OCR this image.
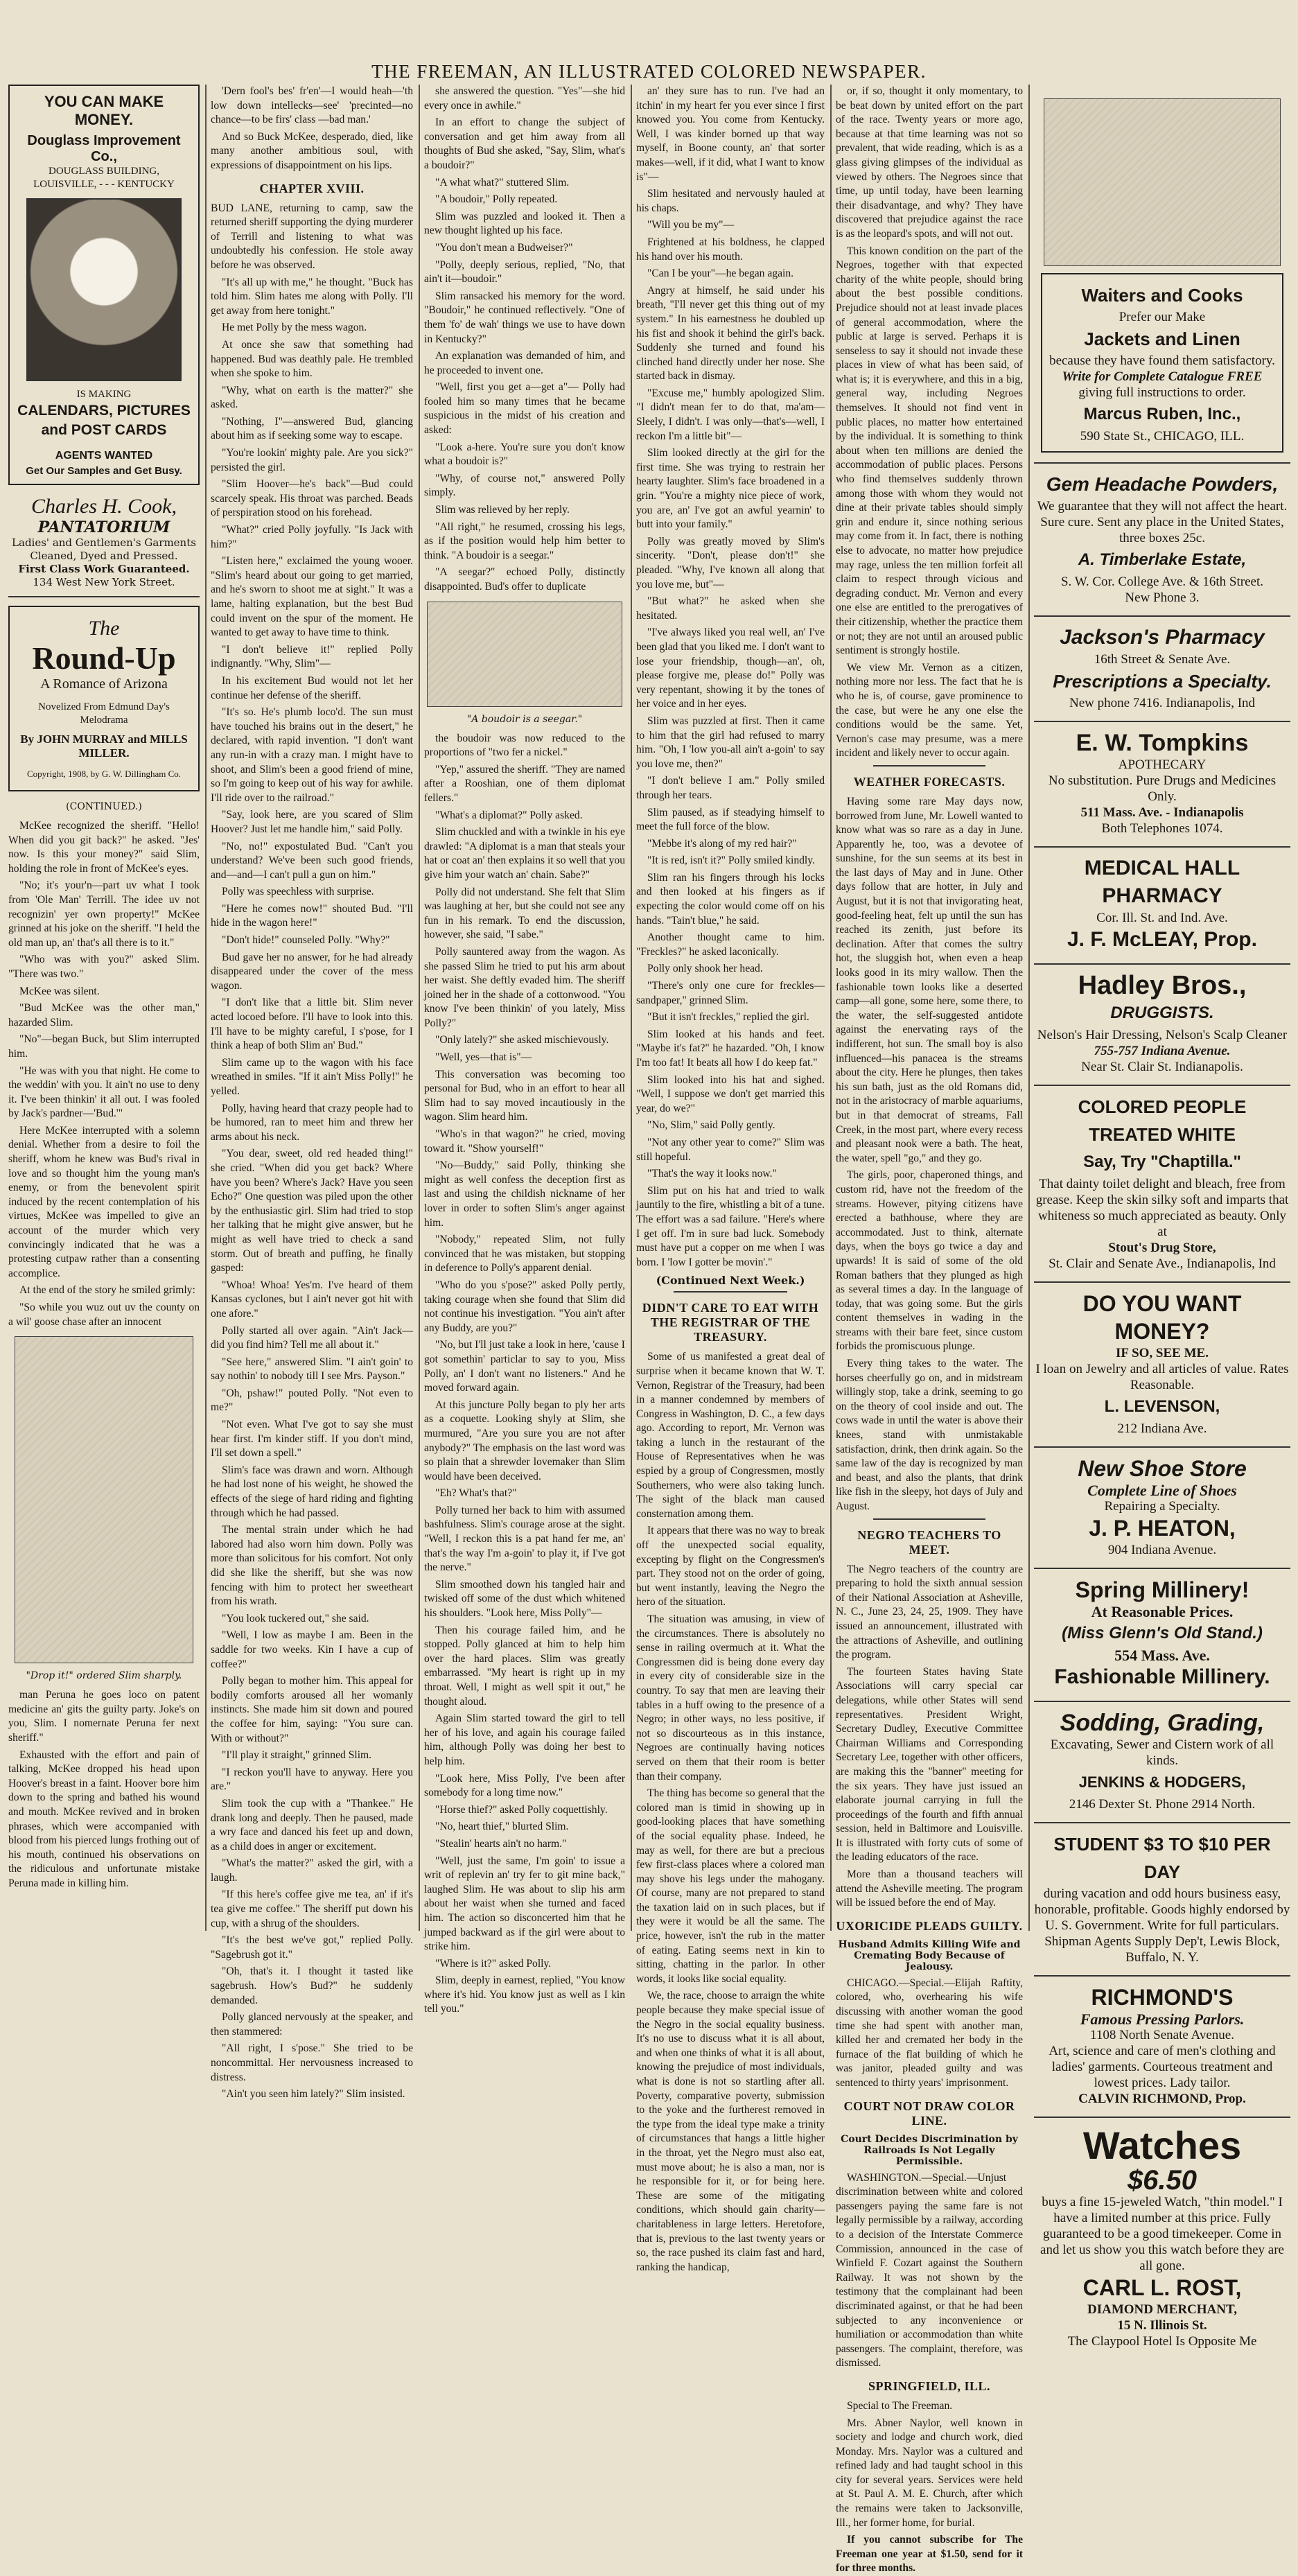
THE FREEMAN, AN ILLUSTRATED COLORED NEWSPAPER.
YOU CAN MAKE MONEY.
Douglass Improvement Co.,
DOUGLASS BUILDING,
LOUISVILLE, - - - KENTUCKY
IS MAKING
CALENDARS, PICTURES and POST CARDS
AGENTS WANTED
Get Our Samples and Get Busy.
Charles H. Cook,
PANTATORIUM
Ladies' and Gentlemen's Garments Cleaned, Dyed and Pressed.
First Class Work Guaranteed.
134 West New York Street.
The
Round-Up
A Romance of Arizona
Novelized From Edmund Day's Melodrama
By JOHN MURRAY and MILLS MILLER.
Copyright, 1908, by G. W. Dillingham Co.
(CONTINUED.)

McKee recognized the sheriff. "Hello! When did you git back?" he asked. "Jes' now. Is this your money?" said Slim, holding the role in front of McKee's eyes.

"No; it's your'n—part uv what I took from 'Ole Man' Terrill. The idee uv not recognizin' yer own property!" McKee grinned at his joke on the sheriff. "I held the old man up, an' that's all there is to it."

"Who was with you?" asked Slim. "There was two."

McKee was silent.

"Bud McKee was the other man," hazarded Slim.

"No"—began Buck, but Slim interrupted him.

"He was with you that night. He come to the weddin' with you. It ain't no use to deny it. I've been thinkin' it all out. I was fooled by Jack's pardner—'Bud.'"

Here McKee interrupted with a solemn denial. Whether from a desire to foil the sheriff, whom he knew was Bud's rival in love and so thought him the young man's enemy, or from the benevolent spirit induced by the recent contemplation of his virtues, McKee was impelled to give an account of the murder which very convincingly indicated that he was a protesting cutpaw rather than a consenting accomplice.

At the end of the story he smiled grimly:

"So while you wuz out uv the county on a wil' goose chase after an innocent

"Drop it!" ordered Slim sharply.

man Peruna he goes loco on patent medicine an' gits the guilty party. Joke's on you, Slim. I nomernate Peruna fer next sheriff."

Exhausted with the effort and pain of talking, McKee dropped his head upon Hoover's breast in a faint. Hoover bore him down to the spring and bathed his wound and mouth. McKee revived and in broken phrases, which were accompanied with blood from his pierced lungs frothing out of his mouth, continued his observations on the ridiculous and unfortunate mistake Peruna made in killing him.

'Dern fool's bes' fr'en'—I would heah—'th low down intellecks—see' 'precinted—no chance—to be firs' class —bad man.'

And so Buck McKee, desperado, died, like many another ambitious soul, with expressions of disappointment on his lips.

CHAPTER XVIII.

BUD LANE, returning to camp, saw the returned sheriff supporting the dying murderer of Terrill and listening to what was undoubtedly his confession. He stole away before he was observed.

"It's all up with me," he thought. "Buck has told him. Slim hates me along with Polly. I'll get away from here tonight."

He met Polly by the mess wagon.

At once she saw that something had happened. Bud was deathly pale. He trembled when she spoke to him.

"Why, what on earth is the matter?" she asked.

"Nothing, I"—answered Bud, glancing about him as if seeking some way to escape.

"You're lookin' mighty pale. Are you sick?" persisted the girl.

"Slim Hoover—he's back"—Bud could scarcely speak. His throat was parched. Beads of perspiration stood on his forehead.

"What?" cried Polly joyfully. "Is Jack with him?"

"Listen here," exclaimed the young wooer. "Slim's heard about our going to get married, and he's sworn to shoot me at sight." It was a lame, halting explanation, but the best Bud could invent on the spur of the moment. He wanted to get away to have time to think.

"I don't believe it!" replied Polly indignantly. "Why, Slim"—

In his excitement Bud would not let her continue her defense of the sheriff.

"It's so. He's plumb loco'd. The sun must have touched his brains out in the desert," he declared, with rapid invention. "I don't want any run-in with a crazy man. I might have to shoot, and Slim's been a good friend of mine, so I'm going to keep out of his way for awhile. I'll ride over to the railroad."

"Say, look here, are you scared of Slim Hoover? Just let me handle him," said Polly.

"No, no!" expostulated Bud. "Can't you understand? We've been such good friends, and—and—I can't pull a gun on him."

Polly was speechless with surprise.

"Here he comes now!" shouted Bud. "I'll hide in the wagon here!"

"Don't hide!" counseled Polly. "Why?"

Bud gave her no answer, for he had already disappeared under the cover of the mess wagon.

"I don't like that a little bit. Slim never acted locoed before. I'll have to look into this. I'll have to be mighty careful, I s'pose, for I think a heap of both Slim an' Bud."

Slim came up to the wagon with his face wreathed in smiles. "If it ain't Miss Polly!" he yelled.

Polly, having heard that crazy people had to be humored, ran to meet him and threw her arms about his neck.

"You dear, sweet, old red headed thing!" she cried. "When did you get back? Where have you been? Where's Jack? Have you seen Echo?" One question was piled upon the other by the enthusiastic girl. Slim had tried to stop her talking that he might give answer, but he might as well have tried to check a sand storm. Out of breath and puffing, he finally gasped:

"Whoa! Whoa! Yes'm. I've heard of them Kansas cyclones, but I ain't never got hit with one afore."

Polly started all over again. "Ain't Jack—did you find him? Tell me all about it."

"See here," answered Slim. "I ain't goin' to say nothin' to nobody till I see Mrs. Payson."

"Oh, pshaw!" pouted Polly. "Not even to me?"

"Not even. What I've got to say she must hear first. I'm kinder stiff. If you don't mind, I'll set down a spell."

Slim's face was drawn and worn. Although he had lost none of his weight, he showed the effects of the siege of hard riding and fighting through which he had passed.

The mental strain under which he had labored had also worn him down. Polly was more than solicitous for his comfort. Not only did she like the sheriff, but she was now fencing with him to protect her sweetheart from his wrath.

"You look tuckered out," she said.

"Well, I low as maybe I am. Been in the saddle for two weeks. Kin I have a cup of coffee?"

Polly began to mother him. This appeal for bodily comforts aroused all her womanly instincts. She made him sit down and poured the coffee for him, saying: "You sure can. With or without?"

"I'll play it straight," grinned Slim.

"I reckon you'll have to anyway. Here you are."

Slim took the cup with a "Thankee." He drank long and deeply. Then he paused, made a wry face and danced his feet up and down, as a child does in anger or excitement.

"What's the matter?" asked the girl, with a laugh.

"If this here's coffee give me tea, an' if it's tea give me coffee." The sheriff put down his cup, with a shrug of the shoulders.

"It's the best we've got," replied Polly. "Sagebrush got it."

"Oh, that's it. I thought it tasted like sagebrush. How's Bud?" he suddenly demanded.

Polly glanced nervously at the speaker, and then stammered:

"All right, I s'pose." She tried to be noncommittal. Her nervousness increased to distress.

"Ain't you seen him lately?" Slim insisted.

she answered the question. "Yes"—she hid every once in awhile."

In an effort to change the subject of conversation and get him away from all thoughts of Bud she asked, "Say, Slim, what's a boudoir?"

"A what what?" stuttered Slim.

"A boudoir," Polly repeated.

Slim was puzzled and looked it. Then a new thought lighted up his face.

"You don't mean a Budweiser?"

"Polly, deeply serious, replied, "No, that ain't it—boudoir."

Slim ransacked his memory for the word. "Boudoir," he continued reflectively. "One of them 'fo' de wah' things we use to have down in Kentucky?"

An explanation was demanded of him, and he proceeded to invent one.

"Well, first you get a—get a"— Polly had fooled him so many times that he became suspicious in the midst of his creation and asked:

"Look a-here. You're sure you don't know what a boudoir is?"

"Why, of course not," answered Polly simply.

Slim was relieved by her reply.

"All right," he resumed, crossing his legs, as if the position would help him better to think. "A boudoir is a seegar."

"A seegar?" echoed Polly, distinctly disappointed. Bud's offer to duplicate

"A boudoir is a seegar."

the boudoir was now reduced to the proportions of "two fer a nickel."

"Yep," assured the sheriff. "They are named after a Rooshian, one of them diplomat fellers."

"What's a diplomat?" Polly asked.

Slim chuckled and with a twinkle in his eye drawled: "A diplomat is a man that steals your hat or coat an' then explains it so well that you give him your watch an' chain. Sabe?"

Polly did not understand. She felt that Slim was laughing at her, but she could not see any fun in his remark. To end the discussion, however, she said, "I sabe."

Polly sauntered away from the wagon. As she passed Slim he tried to put his arm about her waist. She deftly evaded him. The sheriff joined her in the shade of a cottonwood. "You know I've been thinkin' of you lately, Miss Polly?"

"Only lately?" she asked mischievously.

"Well, yes—that is"—

This conversation was becoming too personal for Bud, who in an effort to hear all Slim had to say moved incautiously in the wagon. Slim heard him.

"Who's in that wagon?" he cried, moving toward it. "Show yourself!"

"No—Buddy," said Polly, thinking she might as well confess the deception first as last and using the childish nickname of her lover in order to soften Slim's anger against him.

"Nobody," repeated Slim, not fully convinced that he was mistaken, but stopping in deference to Polly's apparent denial.

"Who do you s'pose?" asked Polly pertly, taking courage when she found that Slim did not continue his investigation. "You ain't after any Buddy, are you?"

"No, but I'll just take a look in here, 'cause I got somethin' particlar to say to you, Miss Polly, an' I don't want no listeners." And he moved forward again.

At this juncture Polly began to ply her arts as a coquette. Looking shyly at Slim, she murmured, "Are you sure you are not after anybody?" The emphasis on the last word was so plain that a shrewder lovemaker than Slim would have been deceived.

"Eh? What's that?"

Polly turned her back to him with assumed bashfulness. Slim's courage arose at the sight. "Well, I reckon this is a pat hand fer me, an' that's the way I'm a-goin' to play it, if I've got the nerve."

Slim smoothed down his tangled hair and twisked off some of the dust which whitened his shoulders. "Look here, Miss Polly"—

Then his courage failed him, and he stopped. Polly glanced at him to help him over the hard places. Slim was greatly embarrassed. "My heart is right up in my throat. Well, I might as well spit it out," he thought aloud.

Again Slim started toward the girl to tell her of his love, and again his courage failed him, although Polly was doing her best to help him.

"Look here, Miss Polly, I've been after somebody for a long time now."

"Horse thief?" asked Polly coquettishly.

"No, heart thief," blurted Slim.

"Stealin' hearts ain't no harm."

"Well, just the same, I'm goin' to issue a writ of replevin an' try fer to git mine back," laughed Slim. He was about to slip his arm about her waist when she turned and faced him. The action so disconcerted him that he jumped backward as if the girl were about to strike him.

"Where is it?" asked Polly.

Slim, deeply in earnest, replied, "You know where it's hid. You know just as well as I kin tell you."

an' they sure has to run. I've had an itchin' in my heart fer you ever since I first knowed you. You come from Kentucky. Well, I was kinder borned up that way myself, in Boone county, an' that sorter makes—well, if it did, what I want to know is"—

Slim hesitated and nervously hauled at his chaps.

"Will you be my"—

Frightened at his boldness, he clapped his hand over his mouth.

"Can I be your"—he began again.

Angry at himself, he said under his breath, "I'll never get this thing out of my system." In his earnestness he doubled up his fist and shook it behind the girl's back. Suddenly she turned and found his clinched hand directly under her nose. She started back in dismay.

"Excuse me," humbly apologized Slim. "I didn't mean fer to do that, ma'am—Sleely, I didn't. I was only—that's—well, I reckon I'm a little bit"—

Slim looked directly at the girl for the first time. She was trying to restrain her hearty laughter. Slim's face broadened in a grin. "You're a mighty nice piece of work, you are, an' I've got an awful yearnin' to butt into your family."

Polly was greatly moved by Slim's sincerity. "Don't, please don't!" she pleaded. "Why, I've known all along that you love me, but"—

"But what?" he asked when she hesitated.

"I've always liked you real well, an' I've been glad that you liked me. I don't want to lose your friendship, though—an', oh, please forgive me, please do!" Polly was very repentant, showing it by the tones of her voice and in her eyes.

Slim was puzzled at first. Then it came to him that the girl had refused to marry him. "Oh, I 'low you-all ain't a-goin' to say you love me, then?"

"I don't believe I am." Polly smiled through her tears.

Slim paused, as if steadying himself to meet the full force of the blow.

"Mebbe it's along of my red hair?"

"It is red, isn't it?" Polly smiled kindly.

Slim ran his fingers through his locks and then looked at his fingers as if expecting the color would come off on his hands. "Tain't blue," he said.

Another thought came to him. "Freckles?" he asked laconically.

Polly only shook her head.

"There's only one cure for freckles—sandpaper," grinned Slim.

"But it isn't freckles," replied the girl.

Slim looked at his hands and feet. "Maybe it's fat?" he hazarded. "Oh, I know I'm too fat! It beats all how I do keep fat."

Slim looked into his hat and sighed. "Well, I suppose we don't get married this year, do we?"

"No, Slim," said Polly gently.

"Not any other year to come?" Slim was still hopeful.

"That's the way it looks now."

Slim put on his hat and tried to walk jauntily to the fire, whistling a bit of a tune. The effort was a sad failure. "Here's where I get off. I'm in sure bad luck. Somebody must have put a copper on me when I was born. I 'low I gotter be movin'."

(Continued Next Week.)
DIDN'T CARE TO EAT WITH THE REGISTRAR OF THE TREASURY.

Some of us manifested a great deal of surprise when it became known that W. T. Vernon, Registrar of the Treasury, had been in a manner condemned by members of Congress in Washington, D. C., a few days ago. According to report, Mr. Vernon was taking a lunch in the restaurant of the House of Representatives when he was espied by a group of Congressmen, mostly Southerners, who were also taking lunch. The sight of the black man caused consternation among them.

It appears that there was no way to break off the unexpected social equality, excepting by flight on the Congressmen's part. They stood not on the order of going, but went instantly, leaving the Negro the hero of the situation.

The situation was amusing, in view of the circumstances. There is absolutely no sense in railing overmuch at it. What the Congressmen did is being done every day in every city of considerable size in the country. To say that men are leaving their tables in a huff owing to the presence of a Negro; in other ways, no less positive, if not so discourteous as in this instance, Negroes are continually having notices served on them that their room is better than their company.

The thing has become so general that the colored man is timid in showing up in good-looking places that have something of the social equality phase. Indeed, he may as well, for there are but a precious few first-class places where a colored man may shove his legs under the mahogany. Of course, many are not prepared to stand the taxation laid on in such places, but if they were it would be all the same. The price, however, isn't the rub in the matter of eating. Eating seems next in kin to sitting, chatting in the parlor. In other words, it looks like social equality.

We, the race, choose to arraign the white people because they make special issue of the Negro in the social equality business. It's no use to discuss what it is all about, and when one thinks of what it is all about, knowing the prejudice of most individuals, what is done is not so startling after all. Poverty, comparative poverty, submission to the yoke and the furtherest removed in the type from the ideal type make a trinity of circumstances that hangs a little higher in the throat, yet the Negro must also eat, must move about; he is also a man, nor is he responsible for it, or for being here. These are some of the mitigating conditions, which should gain charity—charitableness in large letters. Heretofore, that is, previous to the last twenty years or so, the race pushed its claim fast and hard, ranking the handicap,

or, if so, thought it only momentary, to be beat down by united effort on the part of the race. Twenty years or more ago, because at that time learning was not so prevalent, that wide reading, which is as a glass giving glimpses of the individual as viewed by others. The Negroes since that time, up until today, have been learning their disadvantage, and why? They have discovered that prejudice against the race is as the leopard's spots, and will not out.

This known condition on the part of the Negroes, together with that expected charity of the white people, should bring about the best possible conditions. Prejudice should not at least invade places of general accommodation, where the public at large is served. Perhaps it is senseless to say it should not invade these places in view of what has been said, of what is; it is everywhere, and this in a big, general way, including Negroes themselves. It should not find vent in public places, no matter how entertained by the individual. It is something to think about when ten millions are denied the accommodation of public places. Persons who find themselves suddenly thrown among those with whom they would not dine at their private tables should simply grin and endure it, since nothing serious may come from it. In fact, there is nothing else to advocate, no matter how prejudice may rage, unless the ten million forfeit all claim to respect through vicious and degrading conduct. Mr. Vernon and every one else are entitled to the prerogatives of their citizenship, whether the practice them or not; they are not until an aroused public sentiment is strongly hostile.

We view Mr. Vernon as a citizen, nothing more nor less. The fact that he is who he is, of course, gave prominence to the case, but were he any one else the conditions would be the same. Yet, Vernon's case may presume, was a mere incident and likely never to occur again.

WEATHER FORECASTS.

Having some rare May days now, borrowed from June, Mr. Lowell wanted to know what was so rare as a day in June. Apparently he, too, was a devotee of sunshine, for the sun seems at its best in the last days of May and in June. Other days follow that are hotter, in July and August, but it is not that invigorating heat, good-feeling heat, felt up until the sun has reached its zenith, just before its declination. After that comes the sultry hot, the sluggish hot, when even a heap looks good in its miry wallow. Then the fashionable town looks like a deserted camp—all gone, some here, some there, to the water, the self-suggested antidote against the enervating rays of the indifferent, hot sun. The small boy is also influenced—his panacea is the streams about the city. Here he plunges, then takes his sun bath, just as the old Romans did, not in the aristocracy of marble aquariums, but in that democrat of streams, Fall Creek, in the most part, where every recess and pleasant nook were a bath. The heat, the water, spell "go," and they go.

The girls, poor, chaperoned things, and custom rid, have not the freedom of the streams. However, pitying citizens have erected a bathhouse, where they are accommodated. Just to think, alternate days, when the boys go twice a day and upwards! It is said of some of the old Roman bathers that they plunged as high as several times a day. In the language of today, that was going some. But the girls content themselves in wading in the streams with their bare feet, since custom forbids the promiscuous plunge.

Every thing takes to the water. The horses cheerfully go on, and in midstream willingly stop, take a drink, seeming to go on the theory of cool inside and out. The cows wade in until the water is above their knees, stand with unmistakable satisfaction, drink, then drink again. So the same law of the day is recognized by man and beast, and also the plants, that drink like fish in the sleepy, hot days of July and August.

NEGRO TEACHERS TO MEET.

The Negro teachers of the country are preparing to hold the sixth annual session of their National Association at Asheville, N. C., June 23, 24, 25, 1909. They have issued an announcement, illustrated with the attractions of Asheville, and outlining the program.

The fourteen States having State Associations will carry special car delegations, while other States will send representatives. President Wright, Secretary Dudley, Executive Committee Chairman Williams and Corresponding Secretary Lee, together with other officers, are making this the "banner" meeting for the six years. They have just issued an elaborate journal carrying in full the proceedings of the fourth and fifth annual session, held in Baltimore and Louisville. It is illustrated with forty cuts of some of the leading educators of the race.

More than a thousand teachers will attend the Asheville meeting. The program will be issued before the end of May.

UXORICIDE PLEADS GUILTY.
Husband Admits Killing Wife and Cremating Body Because of Jealousy.

CHICAGO.—Special.—Elijah Raftity, colored, who, overhearing his wife discussing with another woman the good time she had spent with another man, killed her and cremated her body in the furnace of the flat building of which he was janitor, pleaded guilty and was sentenced to thirty years' imprisonment.

COURT NOT DRAW COLOR LINE.
Court Decides Discrimination by Railroads Is Not Legally Permissible.

WASHINGTON.—Special.—Unjust discrimination between white and colored passengers paying the same fare is not legally permissible by a railway, according to a decision of the Interstate Commerce Commission, announced in the case of Winfield F. Cozart against the Southern Railway. It was not shown by the testimony that the complainant had been discriminated against, or that he had been subjected to any inconvenience or humiliation or accommodation than white passengers. The complaint, therefore, was dismissed.

SPRINGFIELD, ILL.

Special to The Freeman.

Mrs. Abner Naylor, well known in society and lodge and church work, died Monday. Mrs. Naylor was a cultured and refined lady and had taught school in this city for several years. Services were held at St. Paul A. M. E. Church, after which the remains were taken to Jacksonville, Ill., her former home, for burial.

If you cannot subscribe for The Freeman one year at $1.50, send for it for three months.

Waiters and Cooks
Prefer our Make
Jackets and Linen
because they have found them satisfactory.
Write for Complete Catalogue FREE
giving full instructions to order.
Marcus Ruben, Inc.,
590 State St., CHICAGO, ILL.
Gem Headache Powders,
We guarantee that they will not affect the heart. Sure cure. Sent any place in the United States, three boxes 25c.
A. Timberlake Estate,
S. W. Cor. College Ave. & 16th Street.
New Phone 3.
Jackson's Pharmacy
16th Street & Senate Ave.
Prescriptions a Specialty.
New phone 7416. Indianapolis, Ind
E. W. Tompkins
APOTHECARY
No substitution. Pure Drugs and Medicines Only.
511 Mass. Ave. - Indianapolis
Both Telephones 1074.
MEDICAL HALL PHARMACY
Cor. Ill. St. and Ind. Ave.
J. F. McLEAY, Prop.
Hadley Bros.,
DRUGGISTS.
Nelson's Hair Dressing, Nelson's Scalp Cleaner
755-757 Indiana Avenue.
Near St. Clair St. Indianapolis.
COLORED PEOPLE TREATED WHITE
Say, Try "Chaptilla."
That dainty toilet delight and bleach, free from grease. Keep the skin silky soft and imparts that whiteness so much appreciated as beauty. Only at
Stout's Drug Store,
St. Clair and Senate Ave., Indianapolis, Ind
DO YOU WANT MONEY?
IF SO, SEE ME.
I loan on Jewelry and all articles of value. Rates Reasonable.
L. LEVENSON,
212 Indiana Ave.
New Shoe Store
Complete Line of Shoes
Repairing a Specialty.
J. P. HEATON,
904 Indiana Avenue.
Spring Millinery!
At Reasonable Prices.
(Miss Glenn's Old Stand.)
554 Mass. Ave.
Fashionable Millinery.
Sodding, Grading,
Excavating, Sewer and Cistern work of all kinds.
JENKINS & HODGERS,
2146 Dexter St. Phone 2914 North.
STUDENT $3 TO $10 PER DAY
during vacation and odd hours business easy, honorable, profitable. Goods highly endorsed by U. S. Government. Write for full particulars. Shipman Agents Supply Dep't, Lewis Block, Buffalo, N. Y.
RICHMOND'S
Famous Pressing Parlors.
1108 North Senate Avenue.
Art, science and care of men's clothing and ladies' garments. Courteous treatment and lowest prices. Lady tailor.
CALVIN RICHMOND, Prop.
Watches
$6.50
buys a fine 15-jeweled Watch, "thin model." I have a limited number at this price. Fully guaranteed to be a good timekeeper. Come in and let us show you this watch before they are all gone.
CARL L. ROST,
DIAMOND MERCHANT,
15 N. Illinois St.
The Claypool Hotel Is Opposite Me
